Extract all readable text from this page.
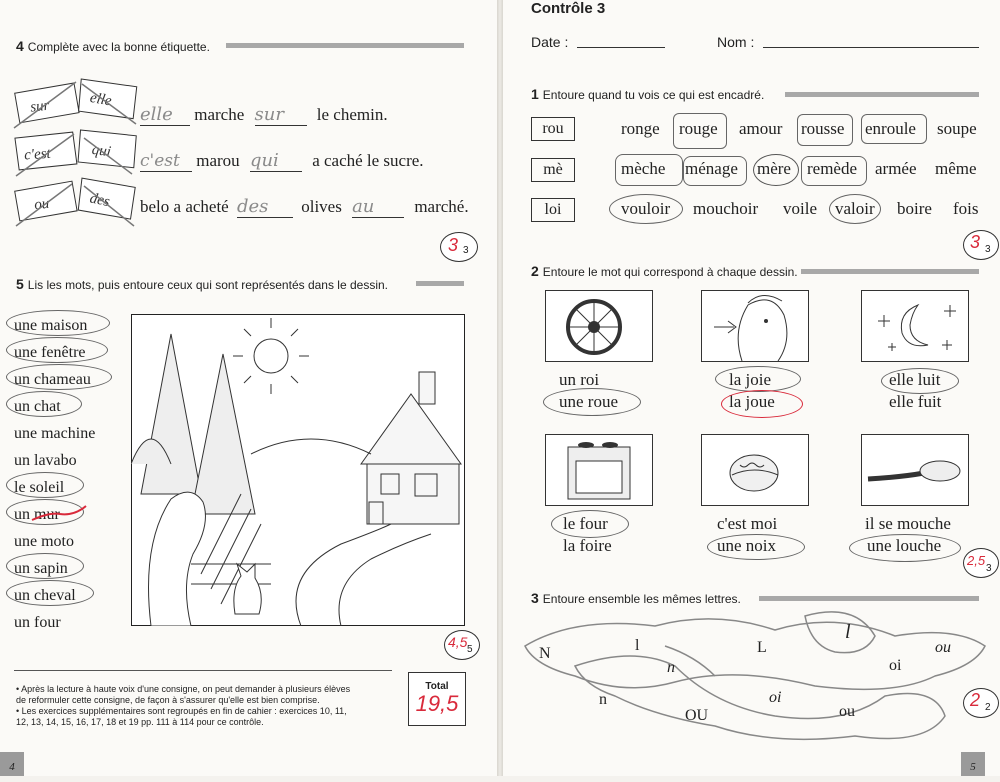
4 Complète avec la bonne étiquette.
sur	elle
c'est	qui
ou	des
elle marche sur le chemin.
c'est marou qui a caché le sucre.
belo a acheté des olives au marché.
3 3
5 Lis les mots, puis entoure ceux qui sont représentés dans le dessin.
une maison
une fenêtre
un chameau
un chat
une machine
un lavabo
le soleil
un mur
une moto
un sapin
un cheval
un four
4,5 5
• Après la lecture à haute voix d'une consigne, on peut demander à plusieurs élèves
de reformuler cette consigne, de façon à s'assurer qu'elle est bien comprise.
• Les exercices supplémentaires sont regroupés en fin de cahier : exercices 10, 11,
12, 13, 14, 15, 16, 17, 18 et 19 pp. 111 à 114 pour ce contrôle.
Total
19,5
4
Contrôle 3
Date :	Nom :
1 Entoure quand tu vois ce qui est encadré.
rou
mè
loi
ronge rouge amour rousse enroule soupe
mèche ménage mère remède armée même
vouloir mouchoir voile valoir boire fois
3 3
2 Entoure le mot qui correspond à chaque dessin.
un roi
une roue
la joie
la joue
elle luit
elle fuit
le four
la foire
c'est moi
une noix
il se mouche
une louche
2,5
3
3 Entoure ensemble les mêmes lettres.
N	l
n
L
l
ou
oi
n	oi
OU	ou
2 2
5
